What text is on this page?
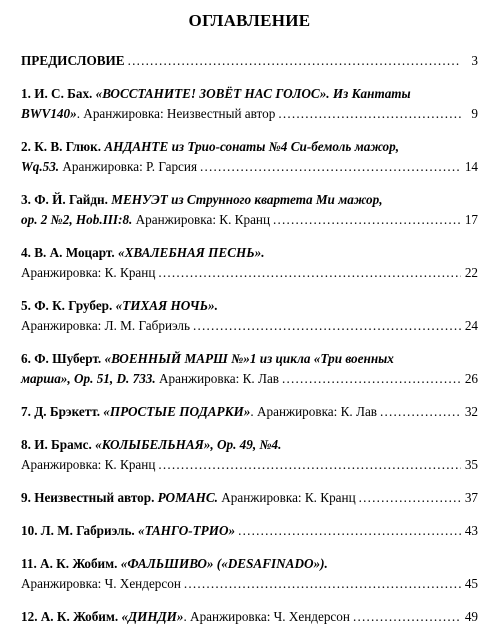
ОГЛАВЛЕНИЕ
ПРЕДИСЛОВИЕ .....	3
1. И. С. Бах. «ВОССТАНИТЕ! ЗОВЁТ НАС ГОЛОС». Из Кантаты
BWV140». Аранжировка: Неизвестный автор .....	9
2. К. В. Глюк. АНДАНТЕ из Трио-сонаты №4 Си-бемоль мажор,
Wq.53. Аранжировка: Р. Гарсия .....	14
3. Ф. Й. Гайдн. МЕНУЭТ из Струнного квартета Ми мажор,
ор. 2 №2, Hob.III:8. Аранжировка: К. Кранц .....	17
4. В. А. Моцарт. «ХВАЛЕБНАЯ ПЕСНЬ».
Аранжировка: К. Кранц .....	22
5. Ф. К. Грубер. «ТИХАЯ НОЧЬ».
Аранжировка: Л. М. Габриэль .....	24
6. Ф. Шуберт. «ВОЕННЫЙ МАРШ №»1 из цикла «Три военных
марша», Op. 51, D. 733. Аранжировка: К. Лав .....	26
7. Д. Брэкетт. «ПРОСТЫЕ ПОДАРКИ». Аранжировка: К. Лав .....	32
8. И. Брамс. «КОЛЫБЕЛЬНАЯ», Op. 49, №4.
Аранжировка: К. Кранц .....	35
9. Неизвестный автор. РОМАНС. Аранжировка: К. Кранц .....	37
10. Л. М. Габриэль. «ТАНГО-ТРИО» .....	43
11. А. К. Жобим. «ФАЛЬШИВО» («DESAFINADO»).
Аранжировка: Ч. Хендерсон .....	45
12. А. К. Жобим. «ДИНДИ». Аранжировка: Ч. Хендерсон .....	49
